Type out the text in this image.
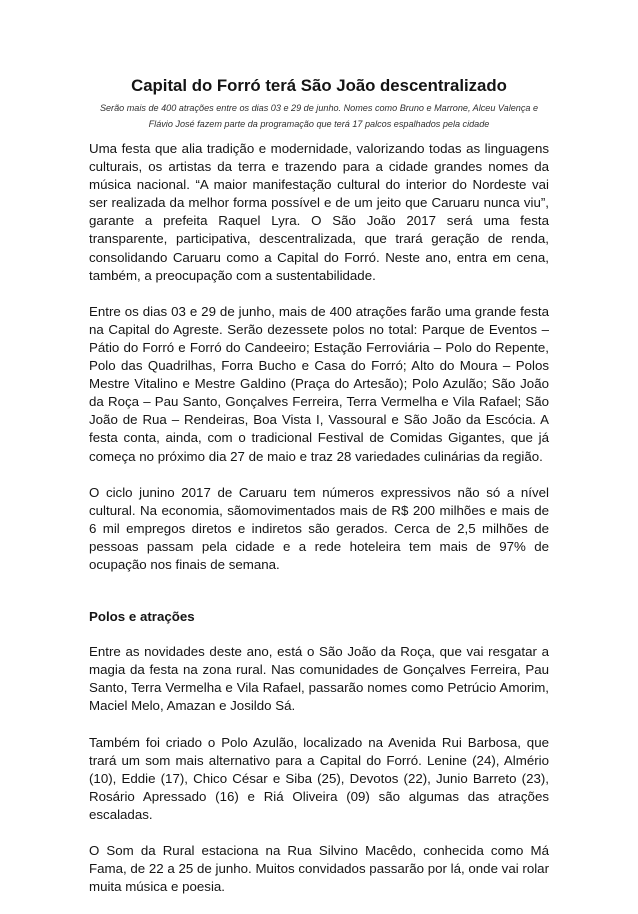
Capital do Forró terá São João descentralizado
Serão mais de 400 atrações entre os dias 03 e 29 de junho. Nomes como Bruno e Marrone, Alceu Valença e Flávio José fazem parte da programação que terá 17 palcos espalhados pela cidade

Uma festa que alia tradição e modernidade, valorizando todas as linguagens culturais, os artistas da terra e trazendo para a cidade grandes nomes da música nacional. “A maior manifestação cultural do interior do Nordeste vai ser realizada da melhor forma possível e de um jeito que Caruaru nunca viu”, garante a prefeita Raquel Lyra. O São João 2017 será uma festa transparente, participativa, descentralizada, que trará geração de renda, consolidando Caruaru como a Capital do Forró. Neste ano, entra em cena, também, a preocupação com a sustentabilidade.

Entre os dias 03 e 29 de junho, mais de 400 atrações farão uma grande festa na Capital do Agreste. Serão dezessete polos no total: Parque de Eventos – Pátio do Forró e Forró do Candeeiro; Estação Ferroviária – Polo do Repente, Polo das Quadrilhas, Forra Bucho e Casa do Forró; Alto do Moura – Polos Mestre Vitalino e Mestre Galdino (Praça do Artesão); Polo Azulão; São João da Roça – Pau Santo, Gonçalves Ferreira, Terra Vermelha e Vila Rafael; São João de Rua – Rendeiras, Boa Vista I, Vassoural e São João da Escócia. A festa conta, ainda, com o tradicional Festival de Comidas Gigantes, que já começa no próximo dia 27 de maio e traz 28 variedades culinárias da região.

O ciclo junino 2017 de Caruaru tem números expressivos não só a nível cultural. Na economia, sãomovimentados mais de R$ 200 milhões e mais de 6 mil empregos diretos e indiretos são gerados. Cerca de 2,5 milhões de pessoas passam pela cidade e a rede hoteleira tem mais de 97% de ocupação nos finais de semana.

Polos e atrações

Entre as novidades deste ano, está o São João da Roça, que vai resgatar a magia da festa na zona rural. Nas comunidades de Gonçalves Ferreira, Pau Santo, Terra Vermelha e Vila Rafael, passarão nomes como Petrúcio Amorim, Maciel Melo, Amazan e Josildo Sá.

Também foi criado o Polo Azulão, localizado na Avenida Rui Barbosa, que trará um som mais alternativo para a Capital do Forró. Lenine (24), Almério (10), Eddie (17), Chico César e Siba (25), Devotos (22), Junio Barreto (23), Rosário Apressado (16) e Riá Oliveira (09) são algumas das atrações escaladas.

O Som da Rural estaciona na Rua Silvino Macêdo, conhecida como Má Fama, de 22 a 25 de junho. Muitos convidados passarão por lá, onde vai rolar muita música e poesia.
